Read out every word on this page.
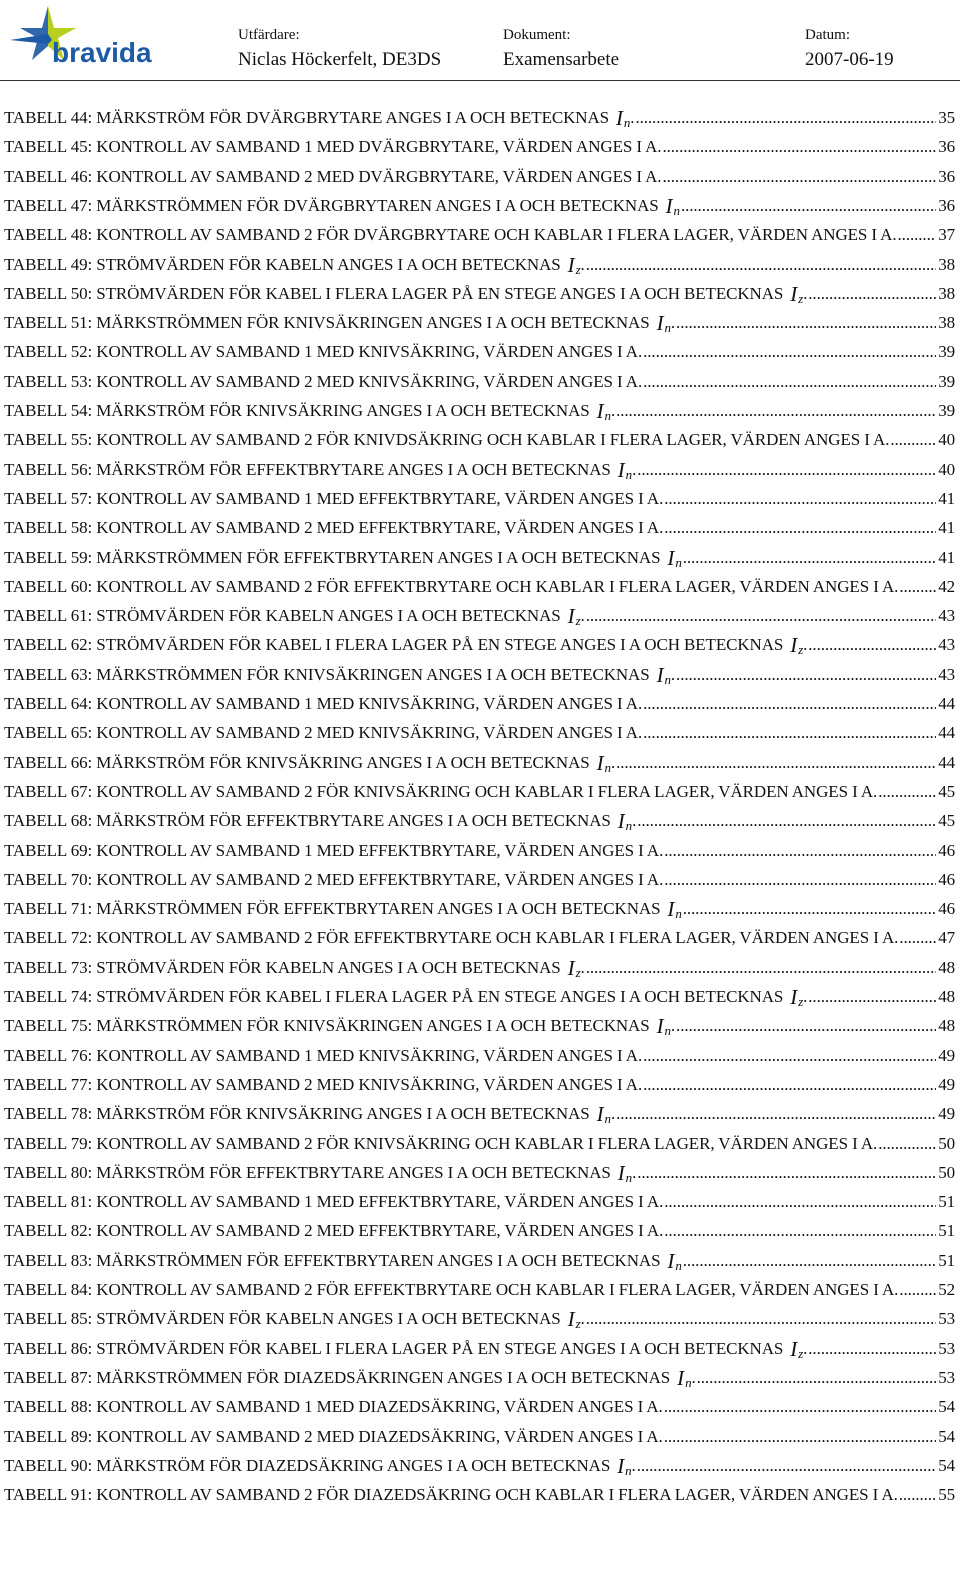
bravida
Utfärdare:
Niclas Höckerfelt, DE3DS
Dokument:
Examensarbete
Datum:
2007-06-19
TABELL 44: MÄRKSTRÖM FÖR DVÄRGBRYTARE ANGES I A OCH BETECKNAS I n . .....	35
TABELL 45: KONTROLL AV SAMBAND 1 MED DVÄRGBRYTARE, VÄRDEN ANGES I A. .....	36
TABELL 46: KONTROLL AV SAMBAND 2 MED DVÄRGBRYTARE, VÄRDEN ANGES I A. .....	36
TABELL 47: MÄRKSTRÖMMEN FÖR DVÄRGBRYTAREN ANGES I A OCH BETECKNAS I n .....	36
TABELL 48: KONTROLL AV SAMBAND 2 FÖR DVÄRGBRYTARE OCH KABLAR I FLERA LAGER, VÄRDEN ANGES I A. ..... 37
TABELL 49: STRÖMVÄRDEN FÖR KABELN ANGES I A OCH BETECKNAS I z . .....	38
TABELL 50: STRÖMVÄRDEN FÖR KABEL I FLERA LAGER PÅ EN STEGE ANGES I A OCH BETECKNAS I z . .....	38
TABELL 51: MÄRKSTRÖMMEN FÖR KNIVSÄKRINGEN ANGES I A OCH BETECKNAS I n . .....	38
TABELL 52: KONTROLL AV SAMBAND 1 MED KNIVSÄKRING, VÄRDEN ANGES I A. .....	39
TABELL 53: KONTROLL AV SAMBAND 2 MED KNIVSÄKRING, VÄRDEN ANGES I A. .....	39
TABELL 54: MÄRKSTRÖM FÖR KNIVSÄKRING ANGES I A OCH BETECKNAS I n . .....	39
TABELL 55: KONTROLL AV SAMBAND 2 FÖR KNIVDSÄKRING OCH KABLAR I FLERA LAGER, VÄRDEN ANGES I A. .....	40
TABELL 56: MÄRKSTRÖM FÖR EFFEKTBRYTARE ANGES I A OCH BETECKNAS I n . .....	40
TABELL 57: KONTROLL AV SAMBAND 1 MED EFFEKTBRYTARE, VÄRDEN ANGES I A. .....	41
TABELL 58: KONTROLL AV SAMBAND 2 MED EFFEKTBRYTARE, VÄRDEN ANGES I A. .....	41
TABELL 59: MÄRKSTRÖMMEN FÖR EFFEKTBRYTAREN ANGES I A OCH BETECKNAS I n .....	41
TABELL 60: KONTROLL AV SAMBAND 2 FÖR EFFEKTBRYTARE OCH KABLAR I FLERA LAGER, VÄRDEN ANGES I A. ..... 42
TABELL 61: STRÖMVÄRDEN FÖR KABELN ANGES I A OCH BETECKNAS I z . .....	43
TABELL 62: STRÖMVÄRDEN FÖR KABEL I FLERA LAGER PÅ EN STEGE ANGES I A OCH BETECKNAS I z . .....	43
TABELL 63: MÄRKSTRÖMMEN FÖR KNIVSÄKRINGEN ANGES I A OCH BETECKNAS I n . .....	43
TABELL 64: KONTROLL AV SAMBAND 1 MED KNIVSÄKRING, VÄRDEN ANGES I A. .....	44
TABELL 65: KONTROLL AV SAMBAND 2 MED KNIVSÄKRING, VÄRDEN ANGES I A. .....	44
TABELL 66: MÄRKSTRÖM FÖR KNIVSÄKRING ANGES I A OCH BETECKNAS I n . .....	44
TABELL 67: KONTROLL AV SAMBAND 2 FÖR KNIVSÄKRING OCH KABLAR I FLERA LAGER, VÄRDEN ANGES I A. .....	45
TABELL 68: MÄRKSTRÖM FÖR EFFEKTBRYTARE ANGES I A OCH BETECKNAS I n . .....	45
TABELL 69: KONTROLL AV SAMBAND 1 MED EFFEKTBRYTARE, VÄRDEN ANGES I A. .....	46
TABELL 70: KONTROLL AV SAMBAND 2 MED EFFEKTBRYTARE, VÄRDEN ANGES I A. .....	46
TABELL 71: MÄRKSTRÖMMEN FÖR EFFEKTBRYTAREN ANGES I A OCH BETECKNAS I n .....	46
TABELL 72: KONTROLL AV SAMBAND 2 FÖR EFFEKTBRYTARE OCH KABLAR I FLERA LAGER, VÄRDEN ANGES I A. ..... 47
TABELL 73: STRÖMVÄRDEN FÖR KABELN ANGES I A OCH BETECKNAS I z . .....	48
TABELL 74: STRÖMVÄRDEN FÖR KABEL I FLERA LAGER PÅ EN STEGE ANGES I A OCH BETECKNAS I z . .....	48
TABELL 75: MÄRKSTRÖMMEN FÖR KNIVSÄKRINGEN ANGES I A OCH BETECKNAS I n . .....	48
TABELL 76: KONTROLL AV SAMBAND 1 MED KNIVSÄKRING, VÄRDEN ANGES I A. .....	49
TABELL 77: KONTROLL AV SAMBAND 2 MED KNIVSÄKRING, VÄRDEN ANGES I A. .....	49
TABELL 78: MÄRKSTRÖM FÖR KNIVSÄKRING ANGES I A OCH BETECKNAS I n . .....	49
TABELL 79: KONTROLL AV SAMBAND 2 FÖR KNIVSÄKRING OCH KABLAR I FLERA LAGER, VÄRDEN ANGES I A. .....	50
TABELL 80: MÄRKSTRÖM FÖR EFFEKTBRYTARE ANGES I A OCH BETECKNAS I n . .....	50
TABELL 81: KONTROLL AV SAMBAND 1 MED EFFEKTBRYTARE, VÄRDEN ANGES I A. .....	51
TABELL 82: KONTROLL AV SAMBAND 2 MED EFFEKTBRYTARE, VÄRDEN ANGES I A. .....	51
TABELL 83: MÄRKSTRÖMMEN FÖR EFFEKTBRYTAREN ANGES I A OCH BETECKNAS I n .....	51
TABELL 84: KONTROLL AV SAMBAND 2 FÖR EFFEKTBRYTARE OCH KABLAR I FLERA LAGER, VÄRDEN ANGES I A. ..... 52
TABELL 85: STRÖMVÄRDEN FÖR KABELN ANGES I A OCH BETECKNAS I z . .....	53
TABELL 86: STRÖMVÄRDEN FÖR KABEL I FLERA LAGER PÅ EN STEGE ANGES I A OCH BETECKNAS I z . .....	53
TABELL 87: MÄRKSTRÖMMEN FÖR DIAZEDSÄKRINGEN ANGES I A OCH BETECKNAS I n . .....	53
TABELL 88: KONTROLL AV SAMBAND 1 MED DIAZEDSÄKRING, VÄRDEN ANGES I A. .....	54
TABELL 89: KONTROLL AV SAMBAND 2 MED DIAZEDSÄKRING, VÄRDEN ANGES I A. .....	54
TABELL 90: MÄRKSTRÖM FÖR DIAZEDSÄKRING ANGES I A OCH BETECKNAS I n . .....	54
TABELL 91: KONTROLL AV SAMBAND 2 FÖR DIAZEDSÄKRING OCH KABLAR I FLERA LAGER, VÄRDEN ANGES I A. ..... 55
